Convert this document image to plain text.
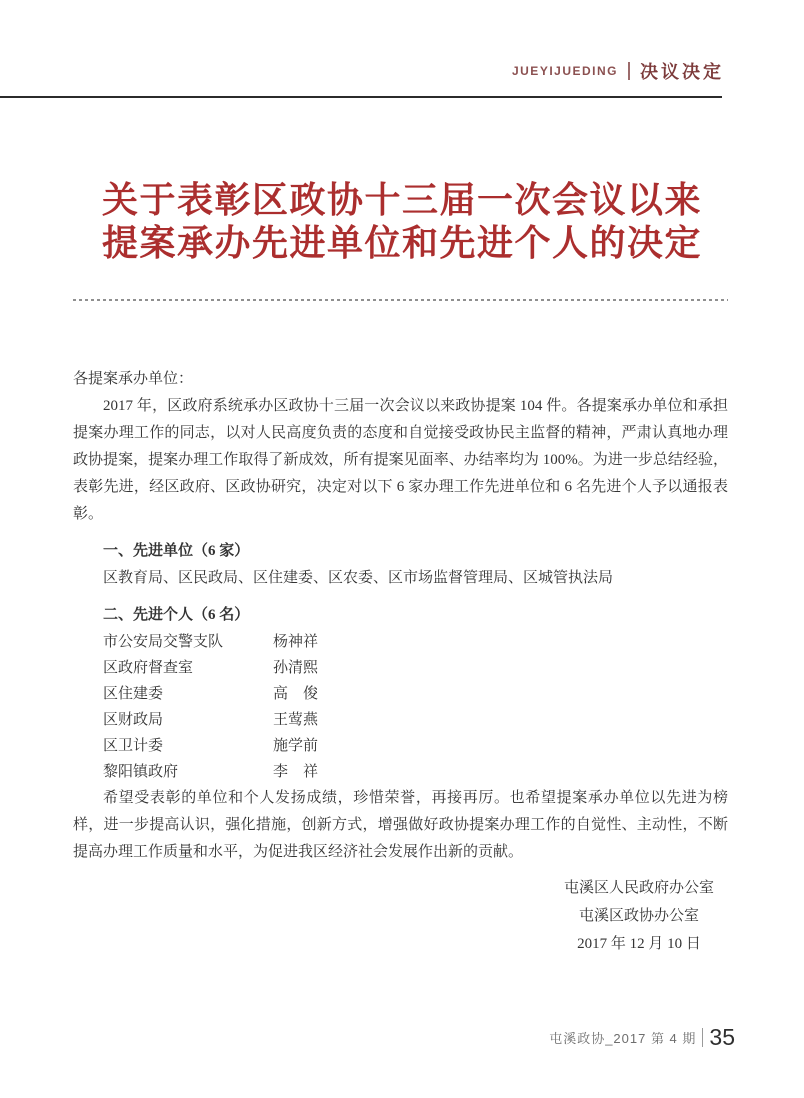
JUEYIJUEDING 决议决定
关于表彰区政协十三届一次会议以来
提案承办先进单位和先进个人的决定
各提案承办单位：
2017 年，区政府系统承办区政协十三届一次会议以来政协提案 104 件。各提案承办单位和承担提案办理工作的同志，以对人民高度负责的态度和自觉接受政协民主监督的精神，严肃认真地办理政协提案，提案办理工作取得了新成效，所有提案见面率、办结率均为 100%。为进一步总结经验，表彰先进，经区政府、区政协研究，决定对以下 6 家办理工作先进单位和 6 名先进个人予以通报表彰。
一、先进单位（6 家）
区教育局、区民政局、区住建委、区农委、区市场监督管理局、区城管执法局
二、先进个人（6 名）
市公安局交警支队	杨神祥
区政府督查室	孙清熙
区住建委	高　俊
区财政局	王莺燕
区卫计委	施学前
黎阳镇政府	李　祥
希望受表彰的单位和个人发扬成绩，珍惜荣誉，再接再厉。也希望提案承办单位以先进为榜样，进一步提高认识，强化措施，创新方式，增强做好政协提案办理工作的自觉性、主动性，不断提高办理工作质量和水平，为促进我区经济社会发展作出新的贡献。
屯溪区人民政府办公室
屯溪区政协办公室
2017 年 12 月 10 日
屯溪政协_2017 第 4 期 35
